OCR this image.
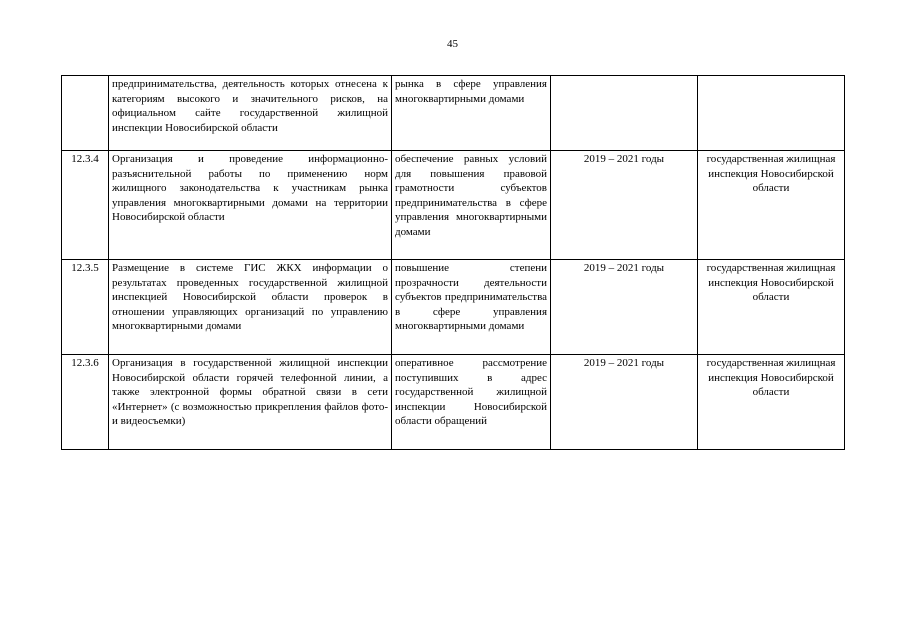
45
	предпринимательства, деятельность которых отнесена к категориям высокого и значительного рисков, на официальном сайте государственной жилищной инспекции Новосибирской области	рынка в сфере управления многоквартирными домами		
12.3.4	Организация и проведение информационно-разъяснительной работы по применению норм жилищного законодательства к участникам рынка управления многоквартирными домами на территории Новосибирской области	обеспечение равных условий для повышения правовой грамотности субъектов предпринимательства в сфере управления многоквартирными домами	2019 – 2021 годы	государственная жилищная инспекция Новосибирской области
12.3.5	Размещение в системе ГИС ЖКХ информации о результатах проведенных государственной жилищной инспекцией Новосибирской области проверок в отношении управляющих организаций по управлению многоквартирными домами	повышение степени прозрачности деятельности субъектов предпринимательства в сфере управления многоквартирными домами	2019 – 2021 годы	государственная жилищная инспекция Новосибирской области
12.3.6	Организация в государственной жилищной инспекции Новосибирской области горячей телефонной линии, а также электронной формы обратной связи в сети «Интернет» (с возможностью прикрепления файлов фото- и видеосъемки)	оперативное рассмотрение поступивших в адрес государственной жилищной инспекции Новосибирской области обращений	2019 – 2021 годы	государственная жилищная инспекция Новосибирской области
